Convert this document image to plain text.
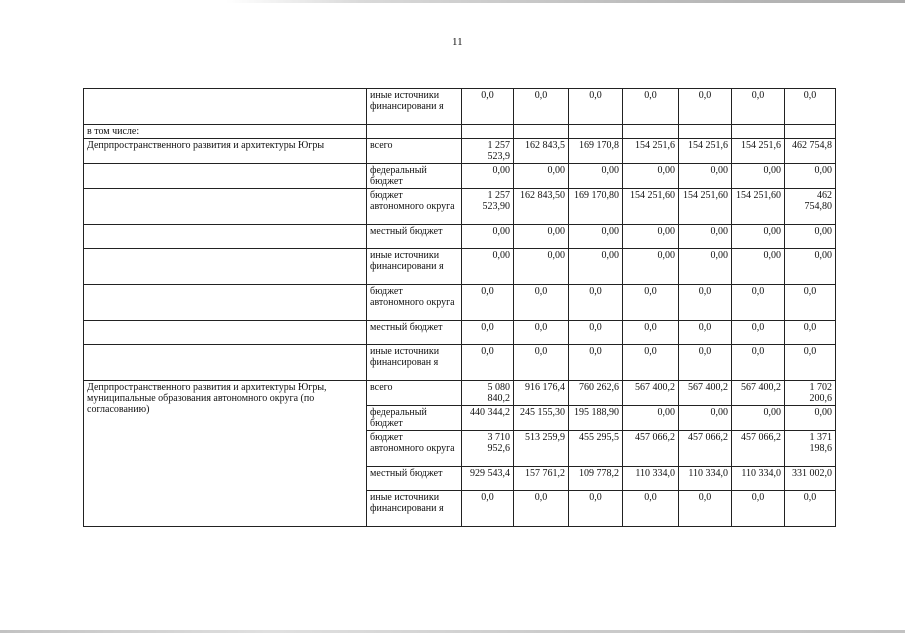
11
	иные источники финансировани я	0,0	0,0	0,0	0,0	0,0	0,0	0,0
в том числе:								
Депрпространственного развития и архитектуры Югры	всего	1 257 523,9	162 843,5	169 170,8	154 251,6	154 251,6	154 251,6	462 754,8
	федеральный бюджет	0,00	0,00	0,00	0,00	0,00	0,00	0,00
	бюджет автономного округа	1 257 523,90	162 843,50	169 170,80	154 251,60	154 251,60	154 251,60	462 754,80
	местный бюджет	0,00	0,00	0,00	0,00	0,00	0,00	0,00
	иные источники финансировани я	0,00	0,00	0,00	0,00	0,00	0,00	0,00
	бюджет автономного округа	0,0	0,0	0,0	0,0	0,0	0,0	0,0
	местный бюджет	0,0	0,0	0,0	0,0	0,0	0,0	0,0
	иные источники финансирован я	0,0	0,0	0,0	0,0	0,0	0,0	0,0
Депрпространственного развития и архитектуры Югры, муниципальные образования автономного округа (по согласованию)	всего	5 080 840,2	916 176,4	760 262,6	567 400,2	567 400,2	567 400,2	1 702 200,6
	федеральный бюджет	440 344,2	245 155,30	195 188,90	0,00	0,00	0,00	0,00
	бюджет автономного округа	3 710 952,6	513 259,9	455 295,5	457 066,2	457 066,2	457 066,2	1 371 198,6
	местный бюджет	929 543,4	157 761,2	109 778,2	110 334,0	110 334,0	110 334,0	331 002,0
	иные источники финансировани я	0,0	0,0	0,0	0,0	0,0	0,0	0,0
